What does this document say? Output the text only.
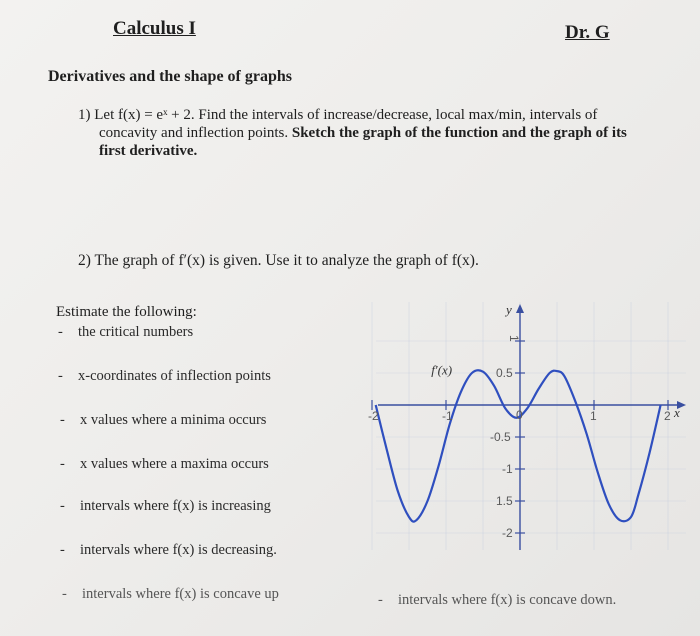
Calculus I	Dr. G
Derivatives and the shape of graphs
1) Let f(x) = eˣ + 2. Find the intervals of increase/decrease, local max/min, intervals of
concavity and inflection points. Sketch the graph of the function and the graph of its
first derivative.
2) The graph of f′(x) is given. Use it to analyze the graph of f(x).
Estimate the following:
- the critical numbers
- x-coordinates of inflection points
- x values where a minima occurs
- x values where a maxima occurs
- intervals where f(x) is increasing
- intervals where f(x) is decreasing.
- intervals where f(x) is concave up	- intervals where f(x) is concave down.
-2	-1	1	2
0.5
1
-0.5
-1
1.5
-2
0	x
y
f′(x)
